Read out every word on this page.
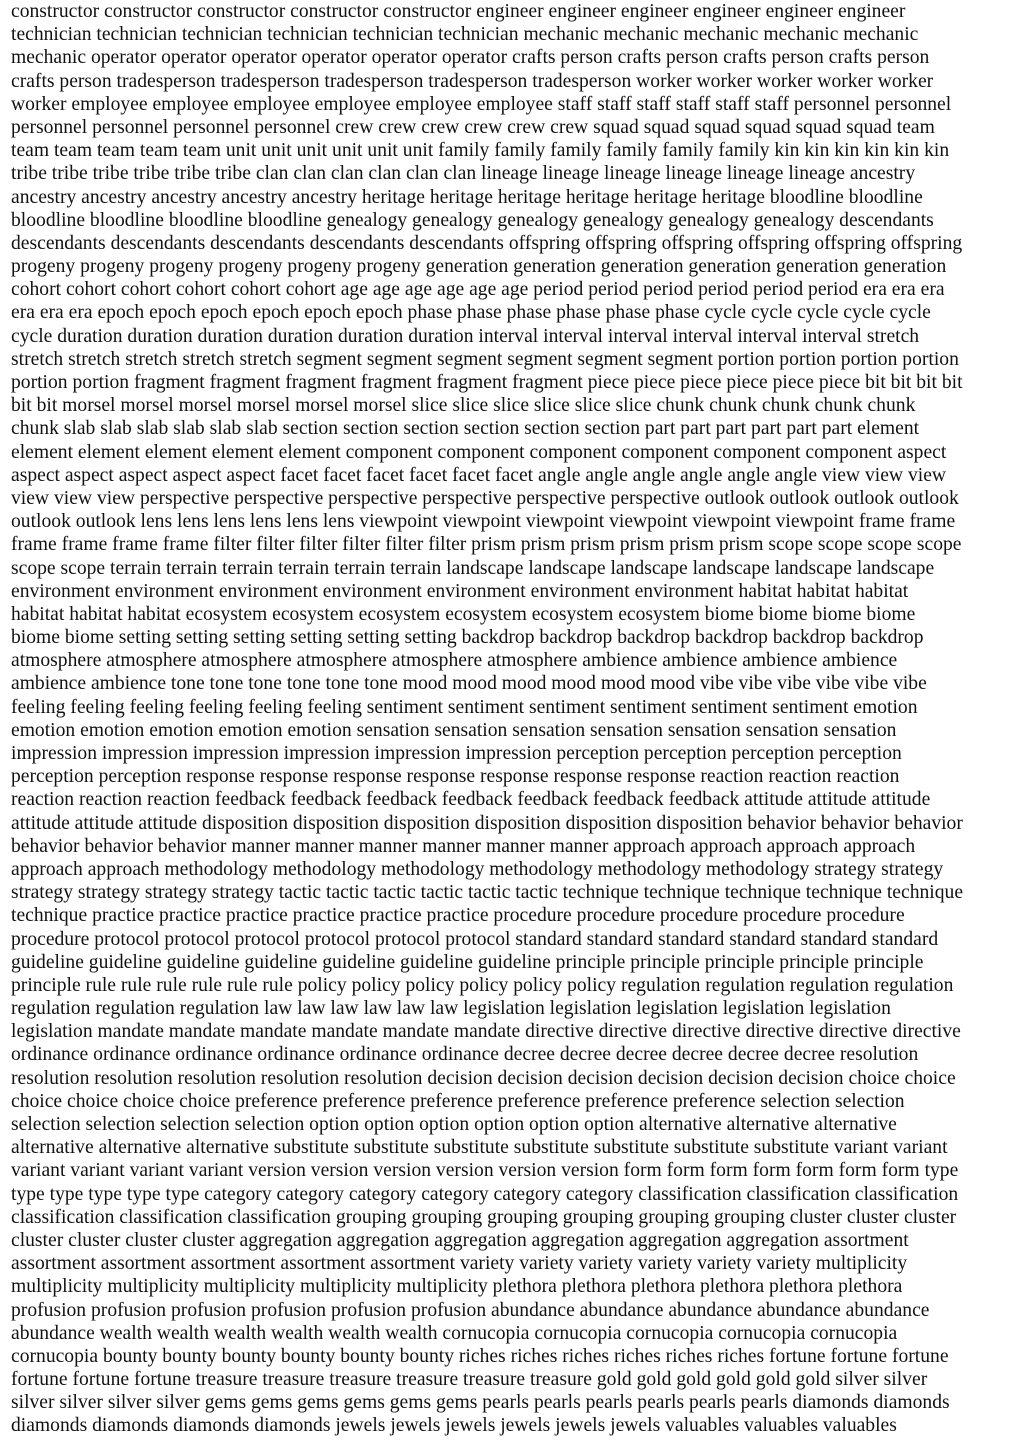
constructor constructor constructor constructor constructor engineer engineer engineer engineer engineer engineer
technician technician technician technician technician technician mechanic mechanic mechanic mechanic mechanic
mechanic operator operator operator operator operator operator crafts person crafts person crafts person crafts person
crafts person tradesperson tradesperson tradesperson tradesperson tradesperson worker worker worker worker worker
worker employee employee employee employee employee employee staff staff staff staff staff staff personnel personnel
personnel personnel personnel personnel crew crew crew crew crew crew squad squad squad squad squad squad team
team team team team team unit unit unit unit unit unit family family family family family family kin kin kin kin kin kin
tribe tribe tribe tribe tribe tribe clan clan clan clan clan clan lineage lineage lineage lineage lineage lineage ancestry
ancestry ancestry ancestry ancestry ancestry heritage heritage heritage heritage heritage heritage bloodline bloodline
bloodline bloodline bloodline bloodline genealogy genealogy genealogy genealogy genealogy genealogy descendants
descendants descendants descendants descendants descendants offspring offspring offspring offspring offspring offspring
progeny progeny progeny progeny progeny progeny generation generation generation generation generation generation
cohort cohort cohort cohort cohort cohort age age age age age age period period period period period period era era era
era era era epoch epoch epoch epoch epoch epoch phase phase phase phase phase phase cycle cycle cycle cycle cycle
cycle duration duration duration duration duration duration interval interval interval interval interval interval stretch
stretch stretch stretch stretch stretch segment segment segment segment segment segment portion portion portion portion
portion portion fragment fragment fragment fragment fragment fragment piece piece piece piece piece piece bit bit bit bit
bit bit morsel morsel morsel morsel morsel morsel slice slice slice slice slice slice chunk chunk chunk chunk chunk
chunk slab slab slab slab slab slab section section section section section section part part part part part part element
element element element element element component component component component component component aspect
aspect aspect aspect aspect aspect facet facet facet facet facet facet angle angle angle angle angle angle view view view
view view view perspective perspective perspective perspective perspective perspective outlook outlook outlook outlook
outlook outlook lens lens lens lens lens lens viewpoint viewpoint viewpoint viewpoint viewpoint viewpoint frame frame
frame frame frame frame filter filter filter filter filter filter prism prism prism prism prism prism scope scope scope scope
scope scope terrain terrain terrain terrain terrain terrain landscape landscape landscape landscape landscape landscape
environment environment environment environment environment environment environment habitat habitat habitat
habitat habitat habitat ecosystem ecosystem ecosystem ecosystem ecosystem ecosystem biome biome biome biome
biome biome setting setting setting setting setting setting backdrop backdrop backdrop backdrop backdrop backdrop
atmosphere atmosphere atmosphere atmosphere atmosphere atmosphere ambience ambience ambience ambience
ambience ambience tone tone tone tone tone tone mood mood mood mood mood mood vibe vibe vibe vibe vibe vibe
feeling feeling feeling feeling feeling feeling sentiment sentiment sentiment sentiment sentiment sentiment emotion
emotion emotion emotion emotion emotion sensation sensation sensation sensation sensation sensation sensation
impression impression impression impression impression impression perception perception perception perception
perception perception response response response response response response response reaction reaction reaction
reaction reaction reaction feedback feedback feedback feedback feedback feedback feedback attitude attitude attitude
attitude attitude attitude disposition disposition disposition disposition disposition disposition behavior behavior behavior
behavior behavior behavior manner manner manner manner manner manner approach approach approach approach
approach approach methodology methodology methodology methodology methodology methodology strategy strategy
strategy strategy strategy strategy tactic tactic tactic tactic tactic tactic technique technique technique technique technique
technique practice practice practice practice practice practice procedure procedure procedure procedure procedure
procedure protocol protocol protocol protocol protocol protocol standard standard standard standard standard standard
guideline guideline guideline guideline guideline guideline guideline principle principle principle principle principle
principle rule rule rule rule rule rule policy policy policy policy policy policy regulation regulation regulation regulation
regulation regulation regulation law law law law law law legislation legislation legislation legislation legislation
legislation mandate mandate mandate mandate mandate mandate directive directive directive directive directive directive
ordinance ordinance ordinance ordinance ordinance ordinance decree decree decree decree decree decree resolution
resolution resolution resolution resolution resolution decision decision decision decision decision decision choice choice
choice choice choice choice preference preference preference preference preference preference selection selection
selection selection selection selection option option option option option option alternative alternative alternative
alternative alternative alternative substitute substitute substitute substitute substitute substitute substitute variant variant
variant variant variant variant version version version version version version form form form form form form form type
type type type type type category category category category category category classification classification classification
classification classification classification grouping grouping grouping grouping grouping grouping cluster cluster cluster
cluster cluster cluster cluster aggregation aggregation aggregation aggregation aggregation aggregation assortment
assortment assortment assortment assortment assortment variety variety variety variety variety variety multiplicity
multiplicity multiplicity multiplicity multiplicity multiplicity plethora plethora plethora plethora plethora plethora
profusion profusion profusion profusion profusion profusion abundance abundance abundance abundance abundance
abundance wealth wealth wealth wealth wealth wealth cornucopia cornucopia cornucopia cornucopia cornucopia
cornucopia bounty bounty bounty bounty bounty bounty riches riches riches riches riches riches fortune fortune fortune
fortune fortune fortune treasure treasure treasure treasure treasure treasure gold gold gold gold gold gold silver silver
silver silver silver silver gems gems gems gems gems gems pearls pearls pearls pearls pearls pearls diamonds diamonds
diamonds diamonds diamonds diamonds jewels jewels jewels jewels jewels jewels valuables valuables valuables
